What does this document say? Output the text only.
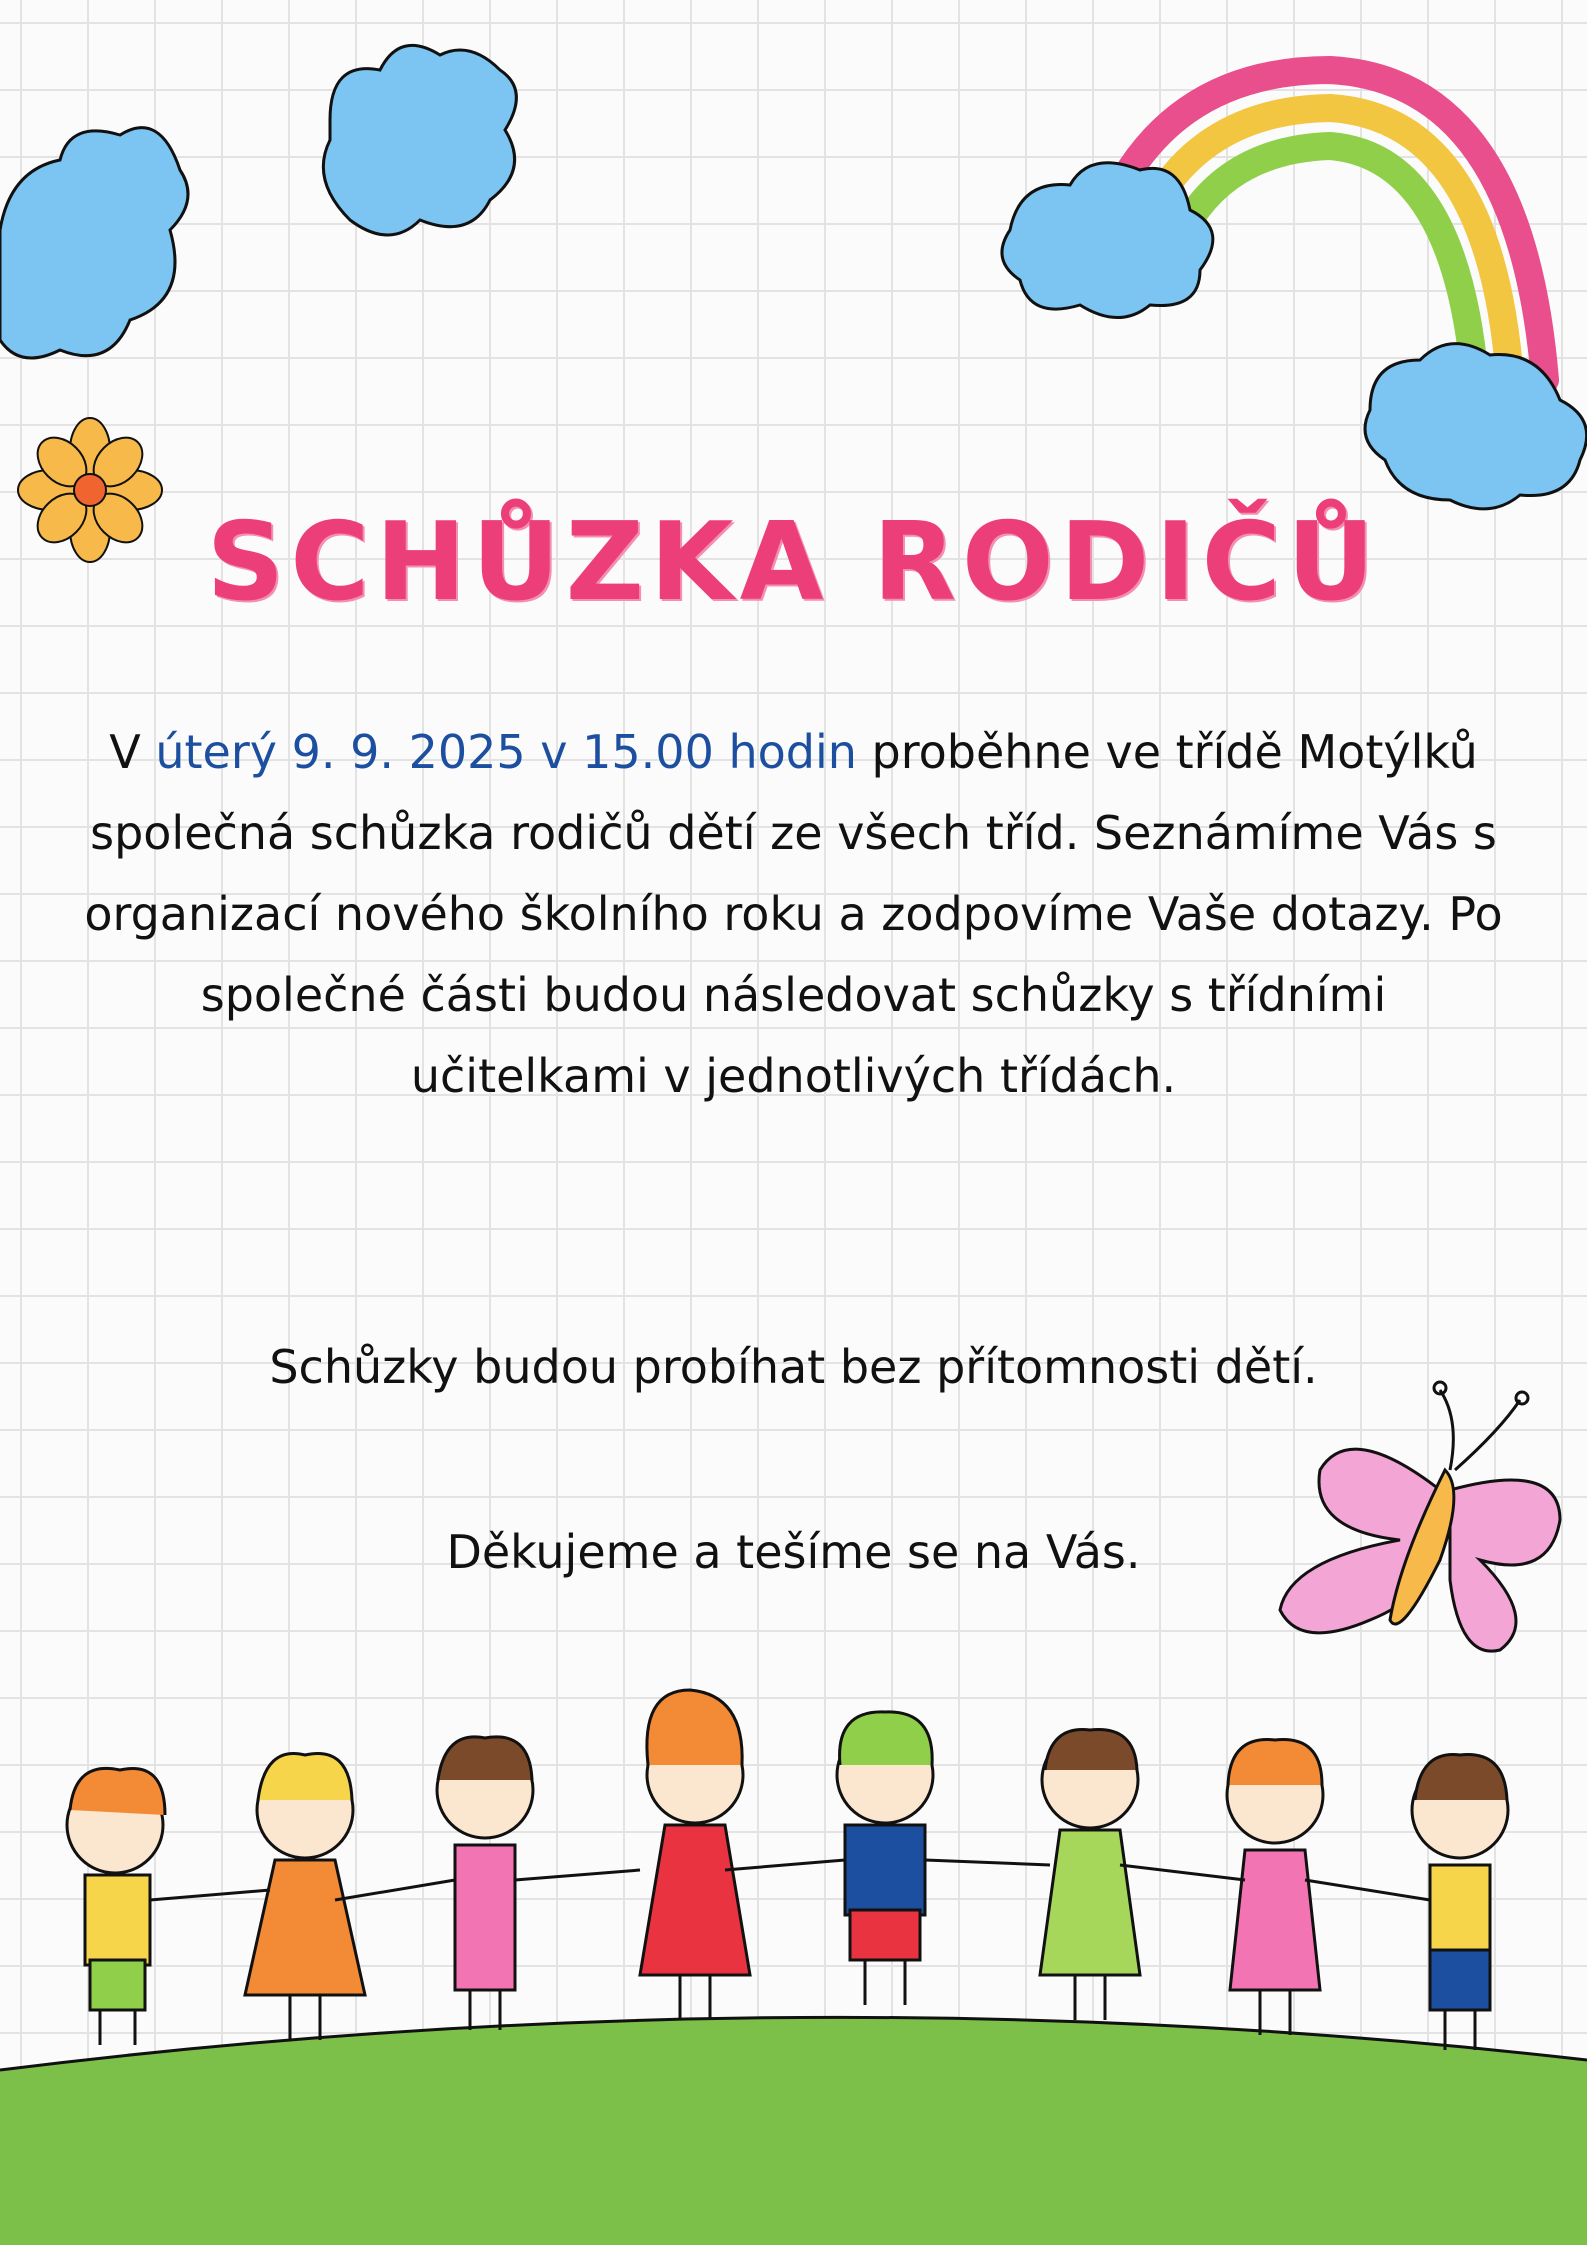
SCHŮZKA RODIČŮ

V úterý 9. 9. 2025 v 15.00 hodin proběhne ve třídě Motýlků společná schůzka rodičů dětí ze všech tříd. Seznámíme Vás s organizací nového školního roku a zodpovíme Vaše dotazy. Po společné části budou následovat schůzky s třídními učitelkami v jednotlivých třídách.

Schůzky budou probíhat bez přítomnosti dětí.

Děkujeme a tešíme se na Vás.
